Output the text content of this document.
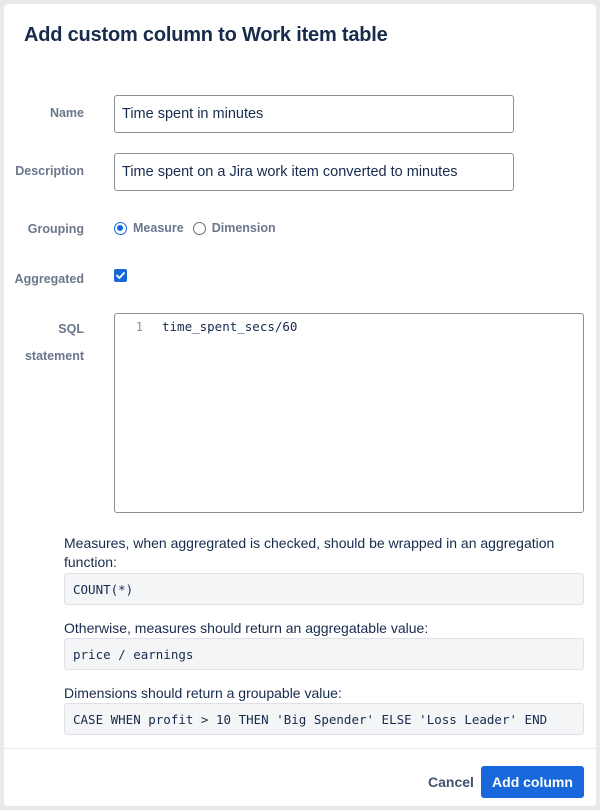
Add custom column to Work item table
Name
Time spent in minutes
Description
Time spent on a Jira work item converted to minutes
Grouping	Measure Dimension
Aggregated
SQL
statement
1 time_spent_secs/60
Measures, when aggregrated is checked, should be wrapped in an aggregation function:
COUNT(*)
Otherwise, measures should return an aggregatable value:
price / earnings
Dimensions should return a groupable value:
CASE WHEN profit > 10 THEN 'Big Spender' ELSE 'Loss Leader' END
Cancel	Add column
